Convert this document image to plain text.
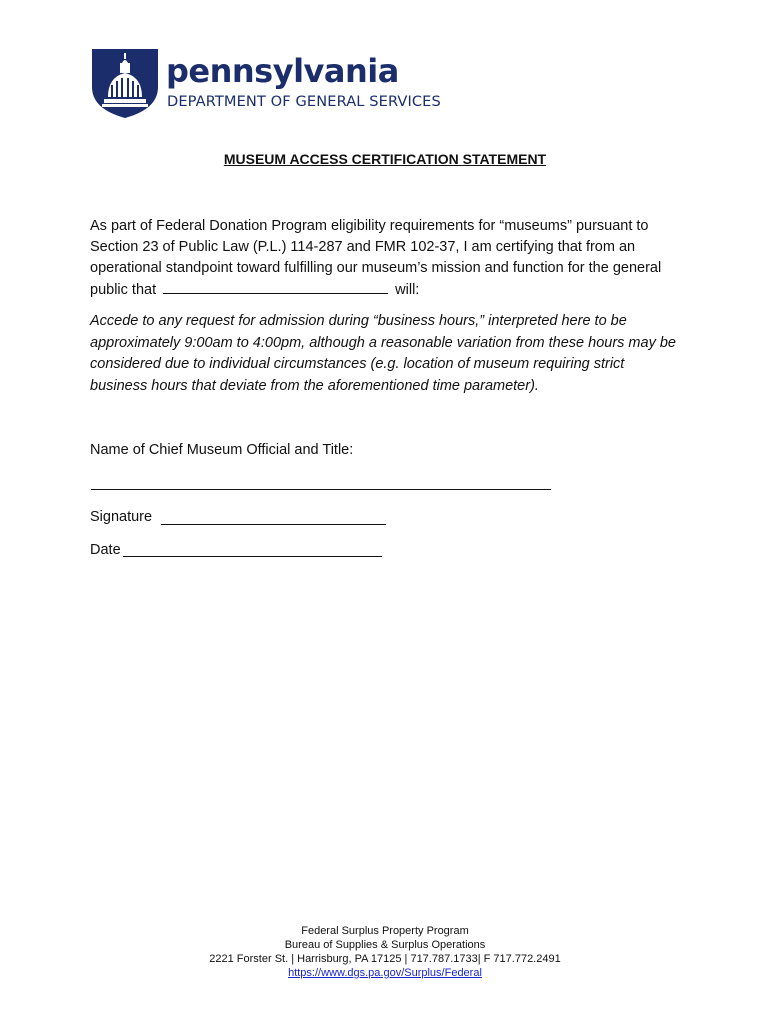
pennsylvania
DEPARTMENT OF GENERAL SERVICES
MUSEUM ACCESS CERTIFICATION STATEMENT
As part of Federal Donation Program eligibility requirements for “museums” pursuant to Section 23 of Public Law (P.L.) 114-287 and FMR 102-37, I am certifying that from an operational standpoint toward fulfilling our museum’s mission and function for the general public that	will:
Accede to any request for admission during “business hours,” interpreted here to be approximately 9:00am to 4:00pm, although a reasonable variation from these hours may be considered due to individual circumstances (e.g. location of museum requiring strict business hours that deviate from the aforementioned time parameter).
Name of Chief Museum Official and Title:
Signature
Date
Federal Surplus Property Program
Bureau of Supplies & Surplus Operations
2221 Forster St. | Harrisburg, PA 17125 | 717.787.1733| F 717.772.2491
https://www.dgs.pa.gov/Surplus/Federal
